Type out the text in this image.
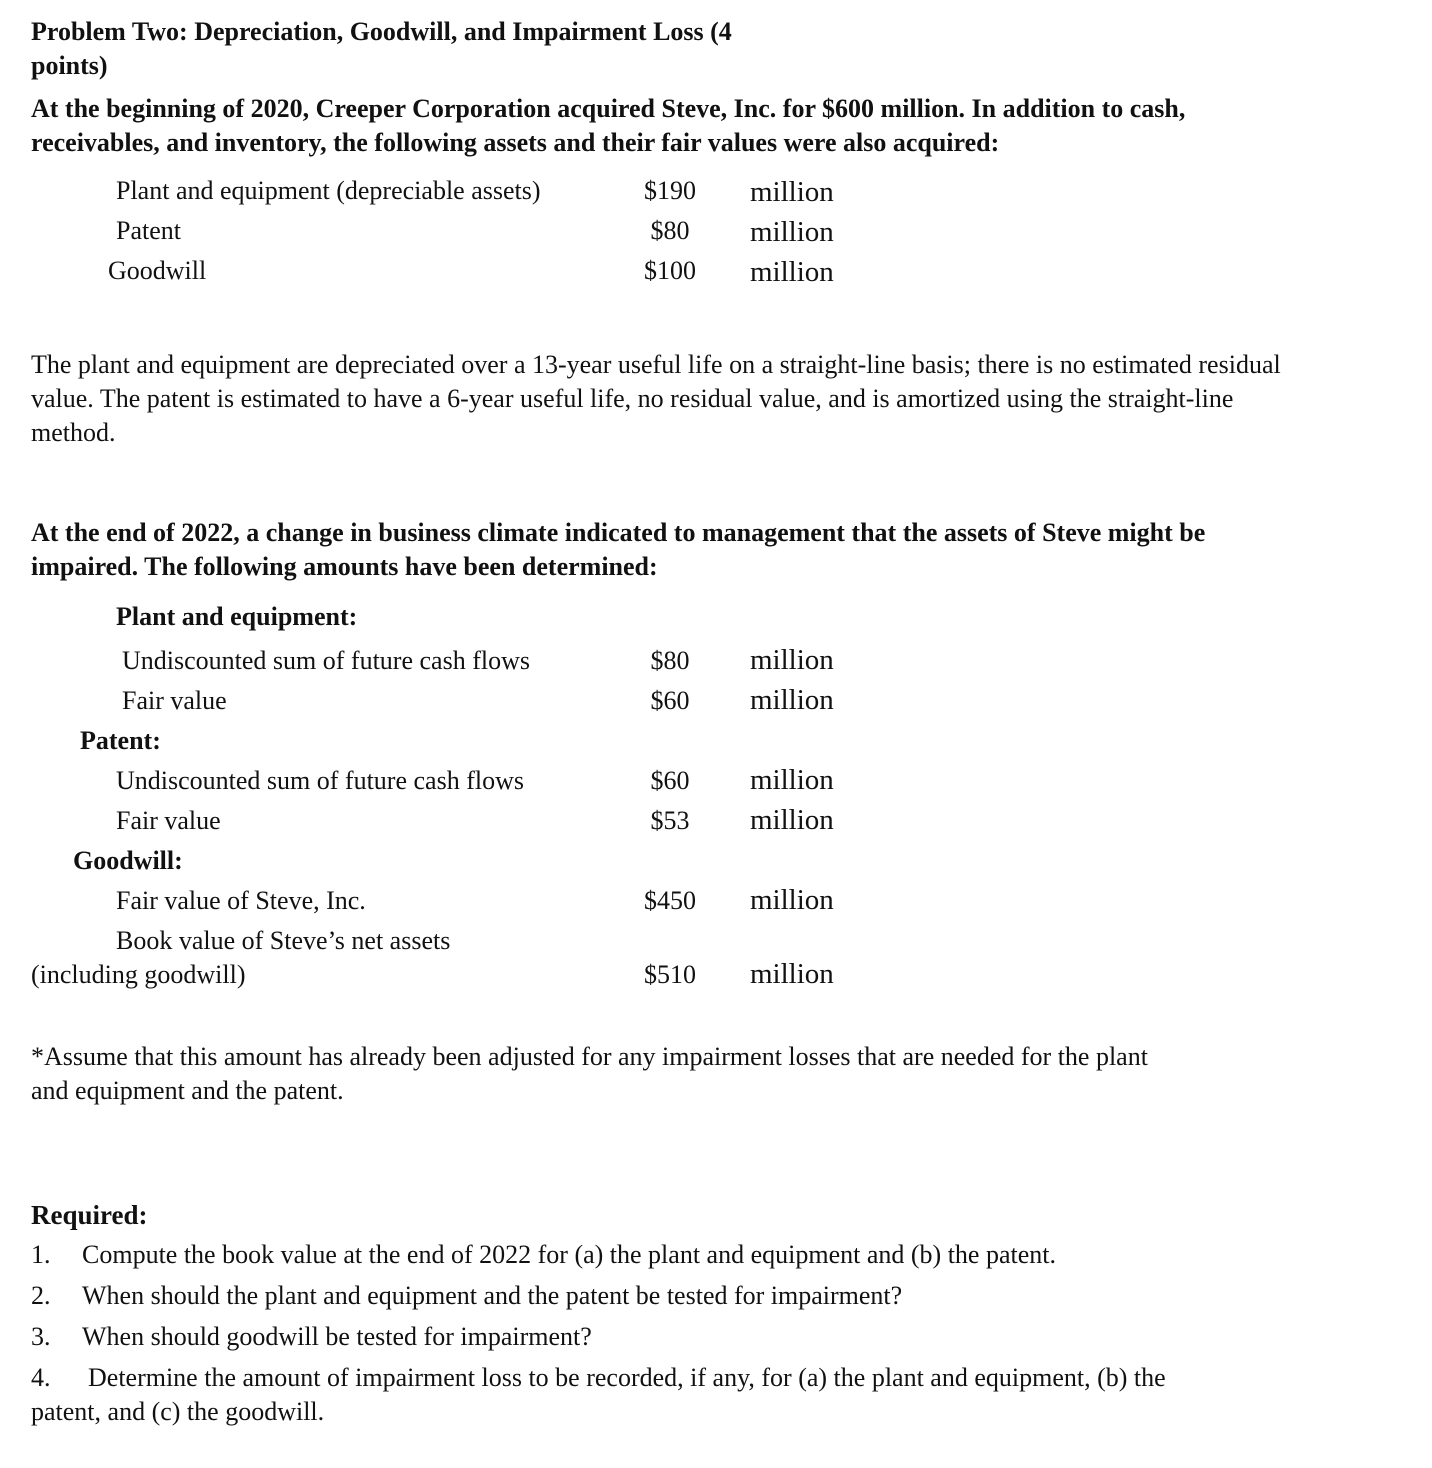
Problem Two: Depreciation, Goodwill, and Impairment Loss (4
points)
At the beginning of 2020, Creeper Corporation acquired Steve, Inc. for $600 million. In addition to cash,
receivables, and inventory, the following assets and their fair values were also acquired:
Plant and equipment (depreciable assets)	$190	million
Patent	$80	million
Goodwill	$100	million
The plant and equipment are depreciated over a 13-year useful life on a straight-line basis; there is no estimated residual
value. The patent is estimated to have a 6-year useful life, no residual value, and is amortized using the straight-line
method.
At the end of 2022, a change in business climate indicated to management that the assets of Steve might be
impaired. The following amounts have been determined:
Plant and equipment:
Undiscounted sum of future cash flows	$80	million
Fair value	$60	million
Patent:
Undiscounted sum of future cash flows	$60	million
Fair value	$53	million
Goodwill:
Fair value of Steve, Inc.	$450	million
Book value of Steve’s net assets
(including goodwill)	$510	million
*Assume that this amount has already been adjusted for any impairment losses that are needed for the plant
and equipment and the patent.
Required:
1. Compute the book value at the end of 2022 for (a) the plant and equipment and (b) the patent.
2. When should the plant and equipment and the patent be tested for impairment?
3. When should goodwill be tested for impairment?
4. Determine the amount of impairment loss to be recorded, if any, for (a) the plant and equipment, (b) the
patent, and (c) the goodwill.
